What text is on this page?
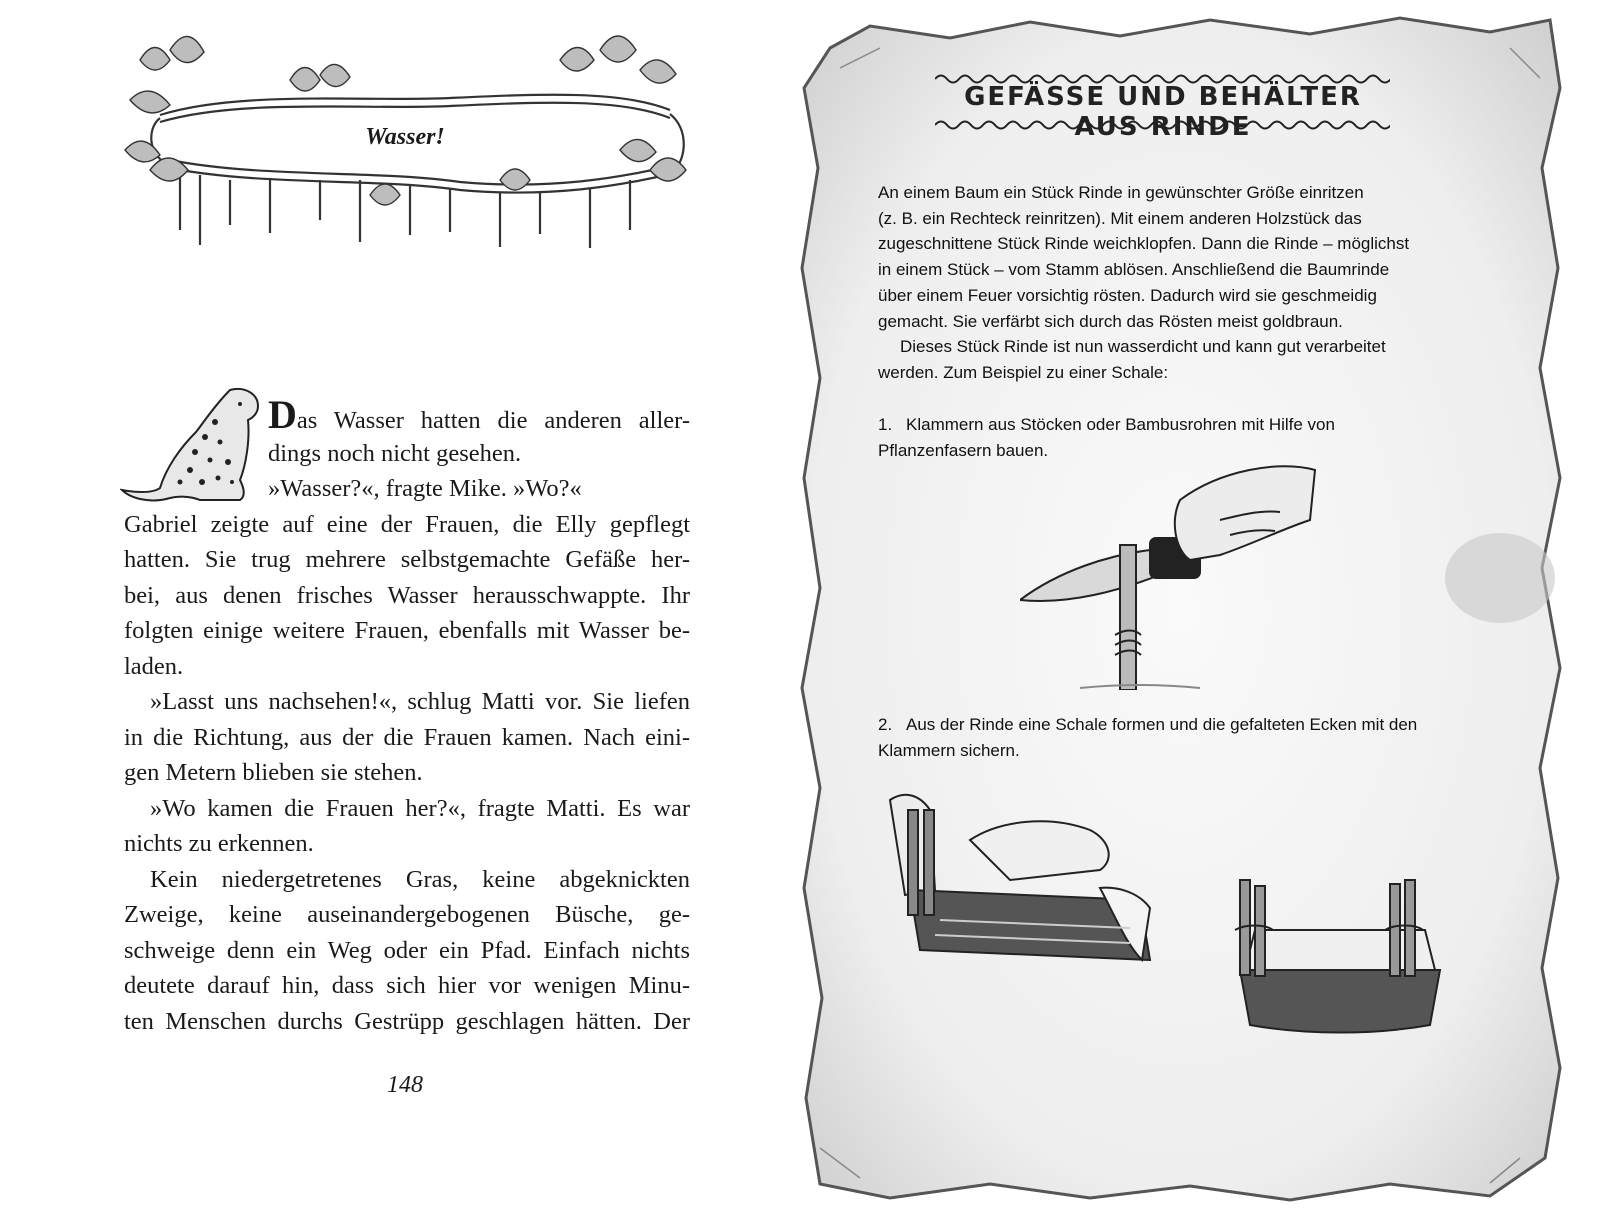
Wasser!

Das Wasser hatten die anderen aller-
dings noch nicht gesehen.

»Wasser?«, fragte Mike. »Wo?«

Gabriel zeigte auf eine der Frauen, die Elly gepflegt
hatten. Sie trug mehrere selbstgemachte Gefäße her-
bei, aus denen frisches Wasser herausschwappte. Ihr
folgten einige weitere Frauen, ebenfalls mit Wasser be-
laden.

»Lasst uns nachsehen!«, schlug Matti vor. Sie liefen
in die Richtung, aus der die Frauen kamen. Nach eini-
gen Metern blieben sie stehen.

»Wo kamen die Frauen her?«, fragte Matti. Es war
nichts zu erkennen.

Kein niedergetretenes Gras, keine abgeknickten
Zweige, keine auseinandergebogenen Büsche, ge-
schweige denn ein Weg oder ein Pfad. Einfach nichts
deutete darauf hin, dass sich hier vor wenigen Minu-
ten Menschen durchs Gestrüpp geschlagen hätten. Der

148
GEFÄSSE UND BEHÄLTER AUS RINDE

An einem Baum ein Stück Rinde in gewünschter Größe einritzen
(z. B. ein Rechteck reinritzen). Mit einem anderen Holzstück das
zugeschnittene Stück Rinde weichklopfen. Dann die Rinde – möglichst
in einem Stück – vom Stamm ablösen. Anschließend die Baumrinde
über einem Feuer vorsichtig rösten. Dadurch wird sie geschmeidig
gemacht. Sie verfärbt sich durch das Rösten meist goldbraun.

Dieses Stück Rinde ist nun wasserdicht und kann gut verarbeitet
werden. Zum Beispiel zu einer Schale:

1. Klammern aus Stöcken oder Bambusrohren mit Hilfe von
Pflanzenfasern bauen.
2. Aus der Rinde eine Schale formen und die gefalteten Ecken mit den
Klammern sichern.
